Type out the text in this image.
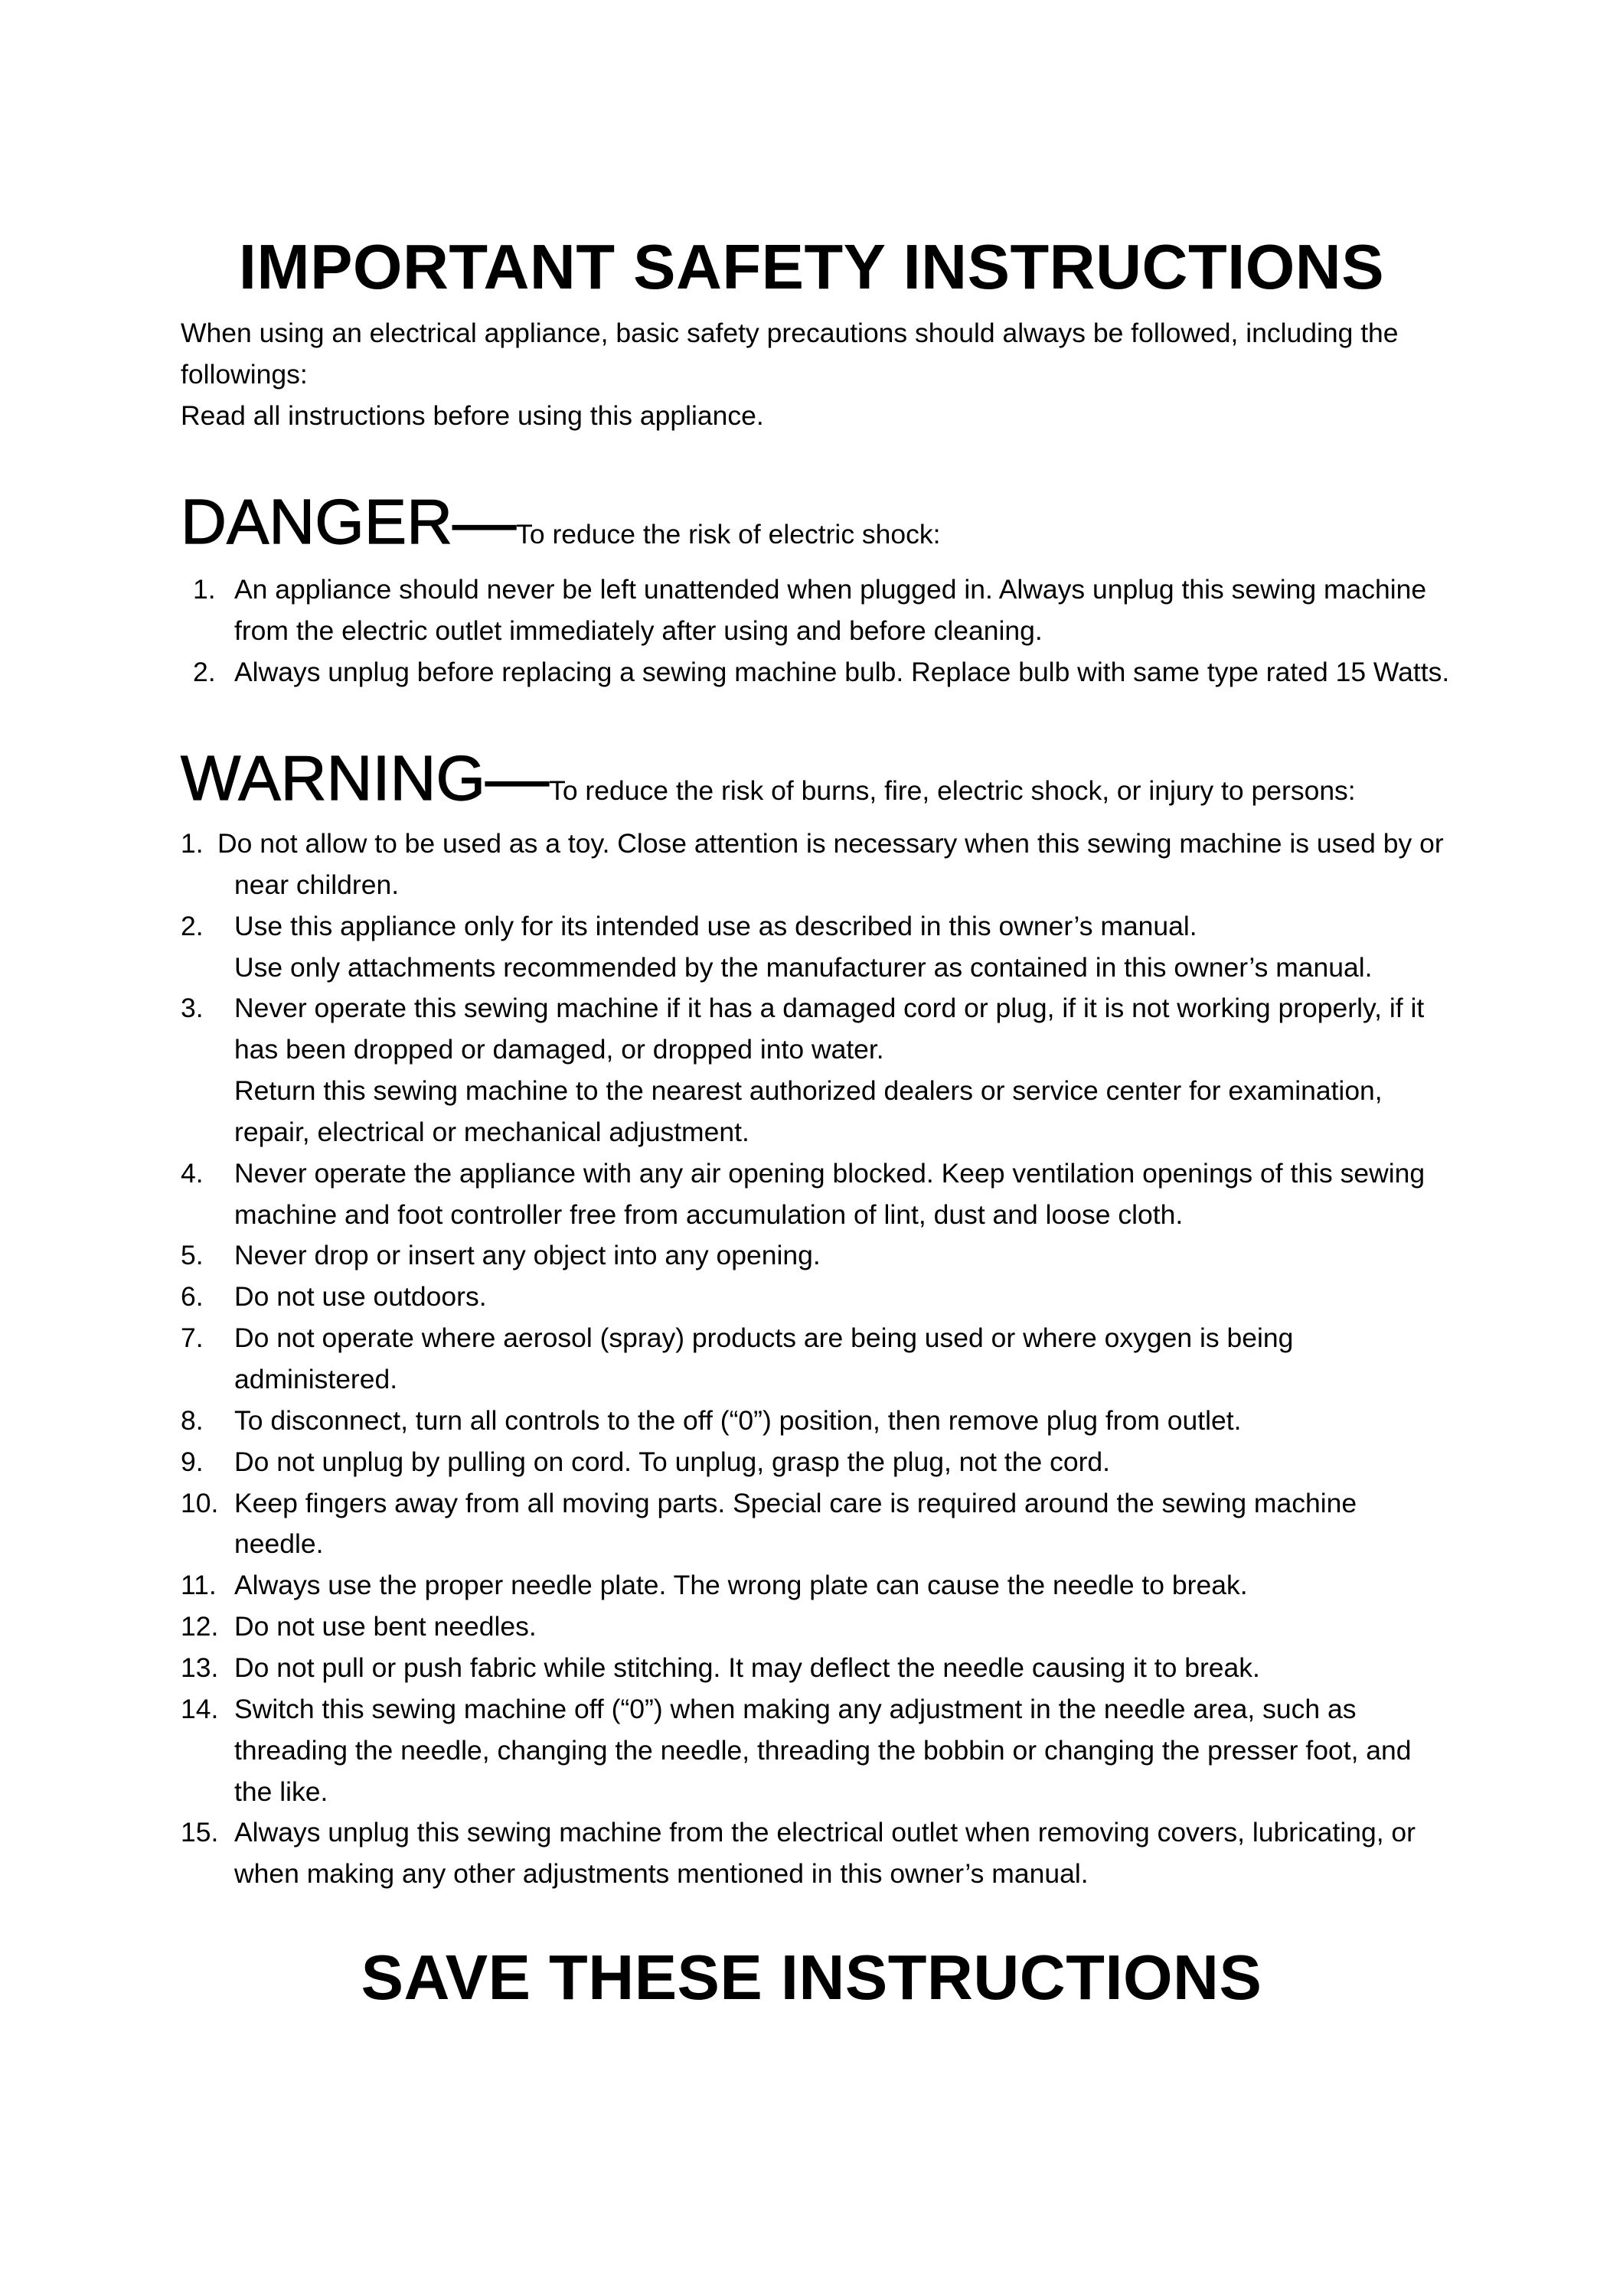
IMPORTANT SAFETY INSTRUCTIONS

When using an electrical appliance, basic safety precautions should always be followed, including the

followings:

Read all instructions before using this appliance.

DANGER—To reduce the risk of electric shock:
1. An appliance should never be left unattended when plugged in. Always unplug this sewing machine
from the electric outlet immediately after using and before cleaning.
2. Always unplug before replacing a sewing machine bulb. Replace bulb with same type rated 15 Watts.
WARNING—To reduce the risk of burns, fire, electric shock, or injury to persons:
1. Do not allow to be used as a toy. Close attention is necessary when this sewing machine is used by or
near children.
2. Use this appliance only for its intended use as described in this owner’s manual.
Use only attachments recommended by the manufacturer as contained in this owner’s manual.
3. Never operate this sewing machine if it has a damaged cord or plug, if it is not working properly, if it
has been dropped or damaged, or dropped into water.
Return this sewing machine to the nearest authorized dealers or service center for examination,
repair, electrical or mechanical adjustment.
4. Never operate the appliance with any air opening blocked. Keep ventilation openings of this sewing
machine and foot controller free from accumulation of lint, dust and loose cloth.
5. Never drop or insert any object into any opening.
6. Do not use outdoors.
7. Do not operate where aerosol (spray) products are being used or where oxygen is being
administered.
8. To disconnect, turn all controls to the off (“0”) position, then remove plug from outlet.
9. Do not unplug by pulling on cord. To unplug, grasp the plug, not the cord.
10. Keep fingers away from all moving parts. Special care is required around the sewing machine
needle.
11. Always use the proper needle plate. The wrong plate can cause the needle to break.
12. Do not use bent needles.
13. Do not pull or push fabric while stitching. It may deflect the needle causing it to break.
14. Switch this sewing machine off (“0”) when making any adjustment in the needle area, such as
threading the needle, changing the needle, threading the bobbin or changing the presser foot, and
the like.
15. Always unplug this sewing machine from the electrical outlet when removing covers, lubricating, or
when making any other adjustments mentioned in this owner’s manual.
SAVE THESE INSTRUCTIONS
